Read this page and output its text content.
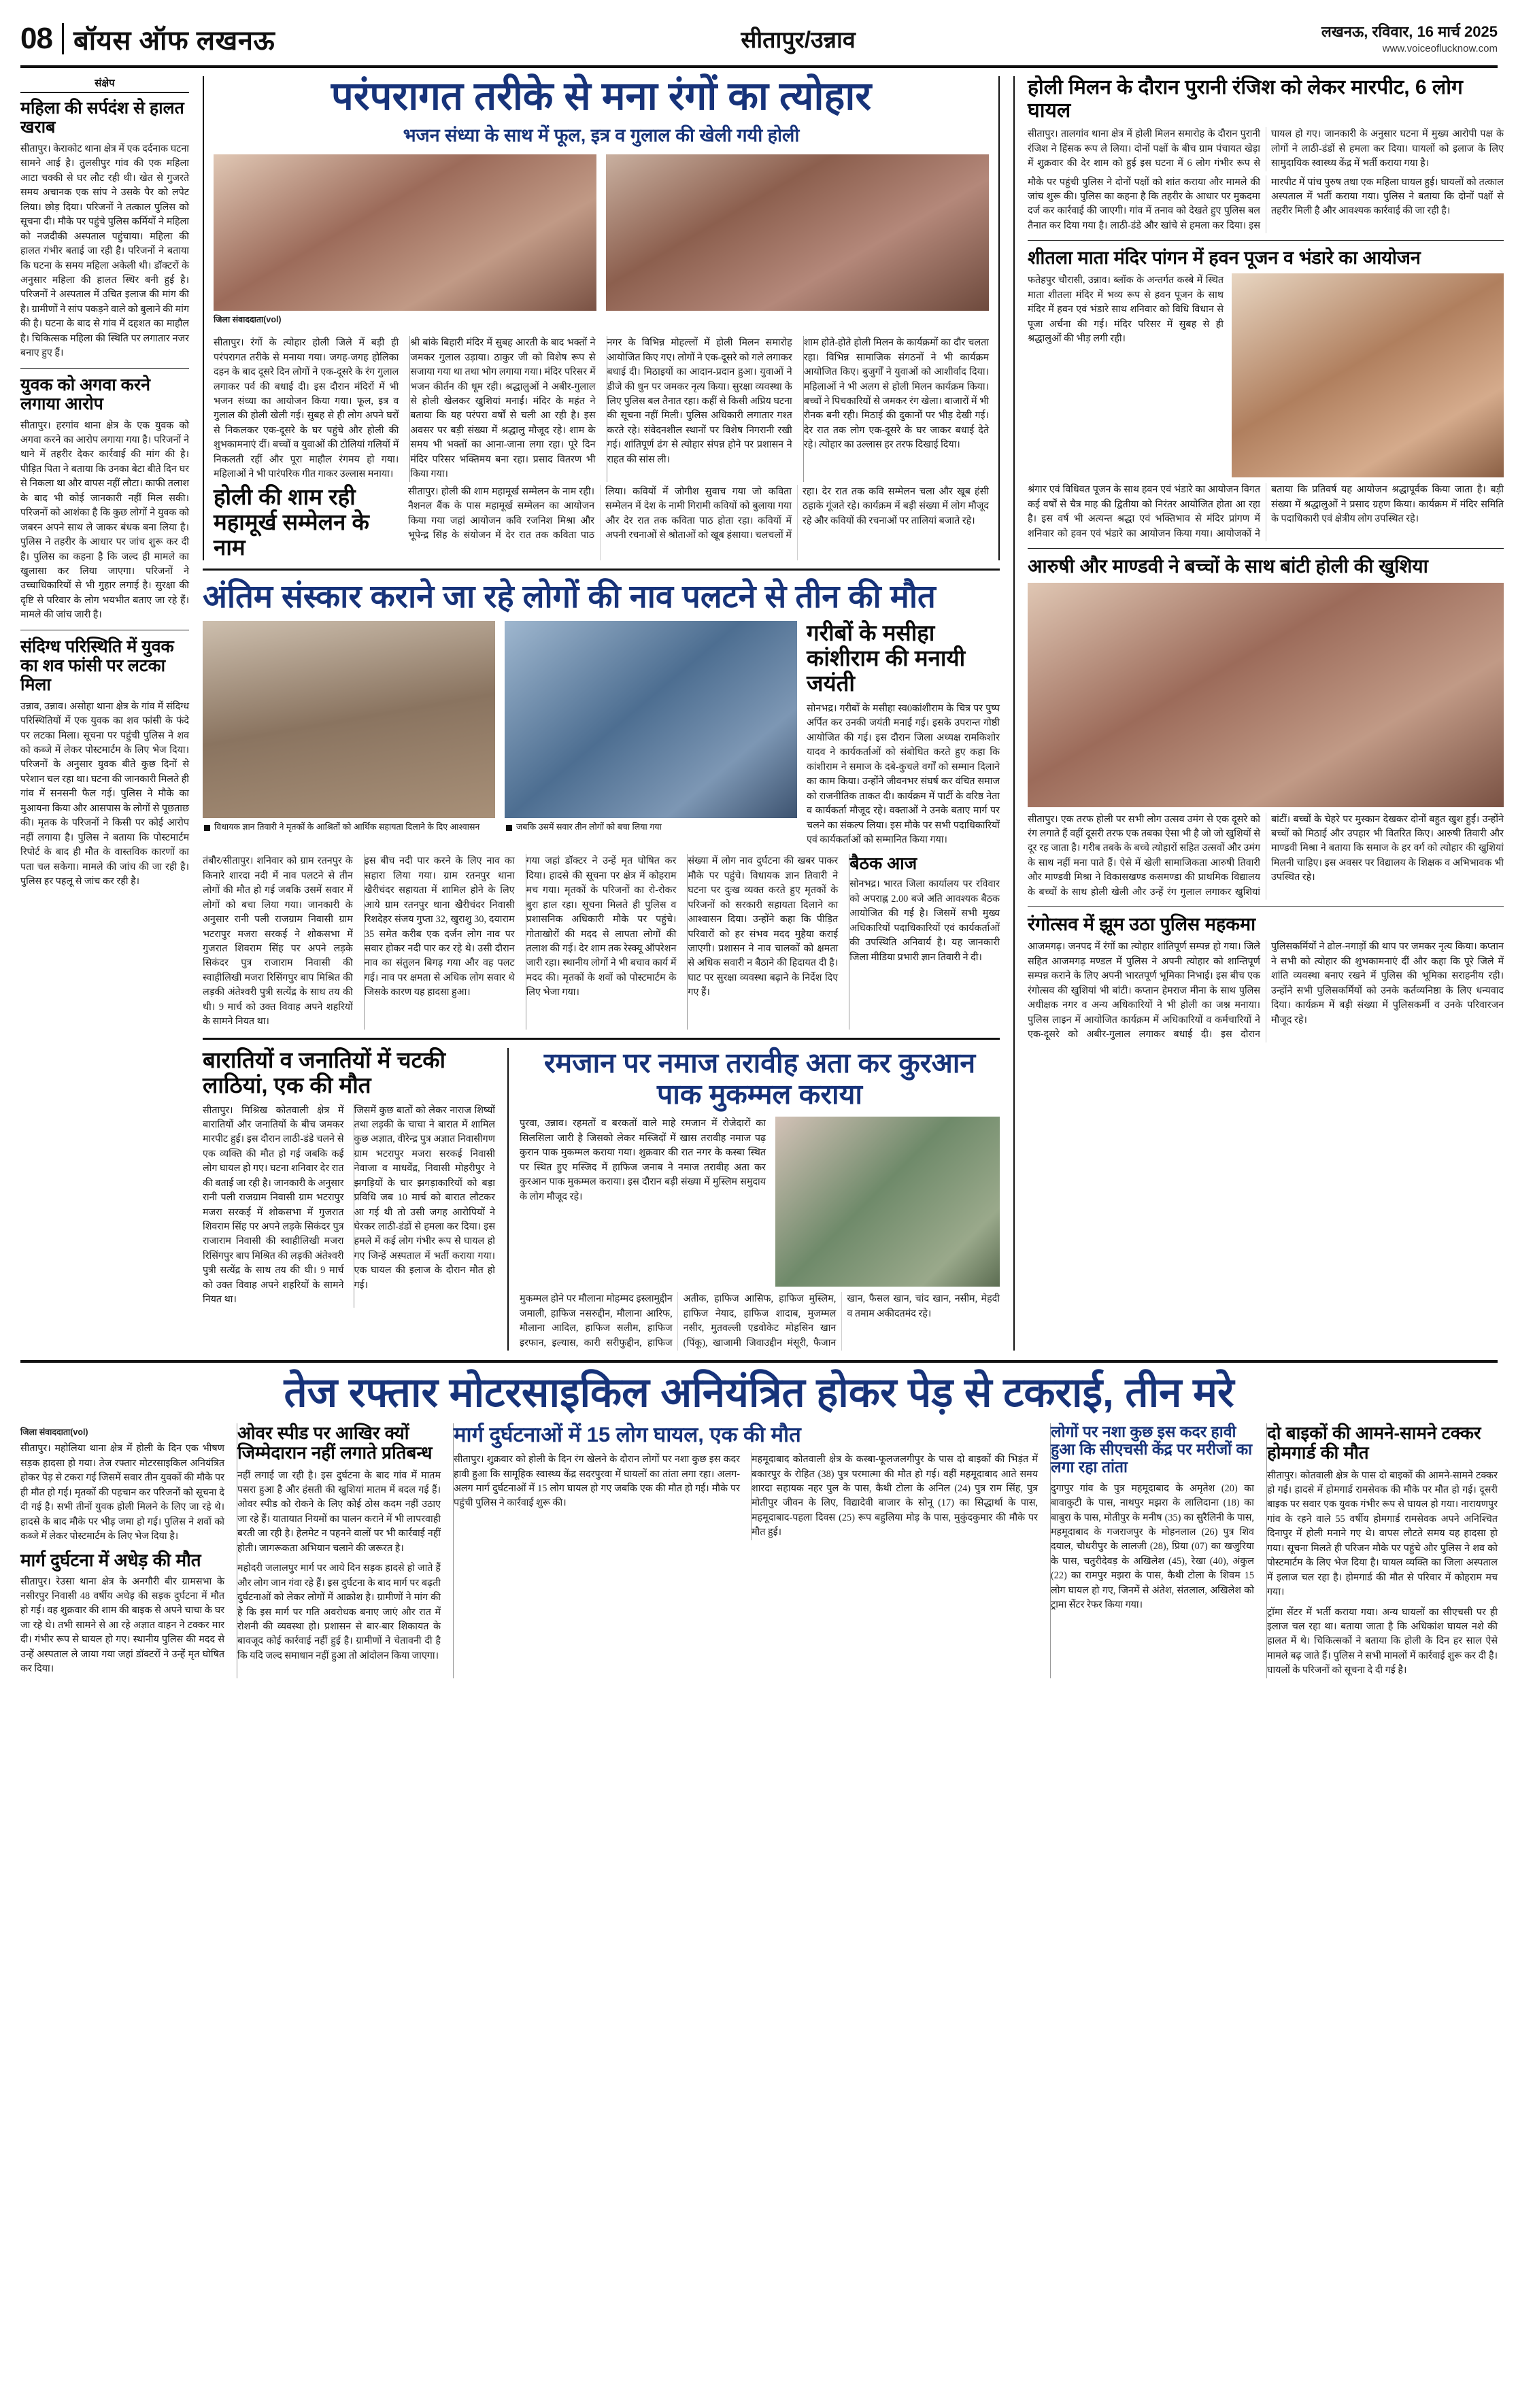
08 बॉयस ऑफ लखनऊ	सीतापुर/उन्नाव	लखनऊ, रविवार, 16 मार्च 2025
www.voiceoflucknow.com
संक्षेप
महिला की सर्पदंश से हालत खराब
सीतापुर। केराकोट थाना क्षेत्र में एक दर्दनाक घटना सामने आई है। तुलसीपुर गांव की एक महिला आटा चक्की से घर लौट रही थी। खेत से गुजरते समय अचानक एक सांप ने उसके पैर को लपेट लिया। छोड़ दिया। परिजनों ने तत्काल पुलिस को सूचना दी। मौके पर पहुंचे पुलिस कर्मियों ने महिला को नजदीकी अस्पताल पहुंचाया। महिला की हालत गंभीर बताई जा रही है। परिजनों ने बताया कि घटना के समय महिला अकेली थी। डॉक्टरों के अनुसार महिला की हालत स्थिर बनी हुई है। परिजनों ने अस्पताल में उचित इलाज की मांग की है। ग्रामीणों ने सांप पकड़ने वाले को बुलाने की मांग की है। घटना के बाद से गांव में दहशत का माहौल है। चिकित्सक महिला की स्थिति पर लगातार नजर बनाए हुए हैं।
युवक को अगवा करने लगाया आरोप
सीतापुर। हरगांव थाना क्षेत्र के एक युवक को अगवा करने का आरोप लगाया गया है। परिजनों ने थाने में तहरीर देकर कार्रवाई की मांग की है। पीड़ित पिता ने बताया कि उनका बेटा बीते दिन घर से निकला था और वापस नहीं लौटा। काफी तलाश के बाद भी कोई जानकारी नहीं मिल सकी। परिजनों को आशंका है कि कुछ लोगों ने युवक को जबरन अपने साथ ले जाकर बंधक बना लिया है। पुलिस ने तहरीर के आधार पर जांच शुरू कर दी है। पुलिस का कहना है कि जल्द ही मामले का खुलासा कर लिया जाएगा। परिजनों ने उच्चाधिकारियों से भी गुहार लगाई है। सुरक्षा की दृष्टि से परिवार के लोग भयभीत बताए जा रहे हैं। मामले की जांच जारी है।
संदिग्ध परिस्थिति में युवक का शव फांसी पर लटका मिला
उन्नाव, उन्नाव। असोहा थाना क्षेत्र के गांव में संदिग्ध परिस्थितियों में एक युवक का शव फांसी के फंदे पर लटका मिला। सूचना पर पहुंची पुलिस ने शव को कब्जे में लेकर पोस्टमार्टम के लिए भेज दिया। परिजनों के अनुसार युवक बीते कुछ दिनों से परेशान चल रहा था। घटना की जानकारी मिलते ही गांव में सनसनी फैल गई। पुलिस ने मौके का मुआयना किया और आसपास के लोगों से पूछताछ की। मृतक के परिजनों ने किसी पर कोई आरोप नहीं लगाया है। पुलिस ने बताया कि पोस्टमार्टम रिपोर्ट के बाद ही मौत के वास्तविक कारणों का पता चल सकेगा। मामले की जांच की जा रही है। पुलिस हर पहलू से जांच कर रही है।
परंपरागत तरीके से मना रंगों का त्योहार
भजन संध्या के साथ में फूल, इत्र व गुलाल की खेली गयी होली
जिला संवाददाता(vol)
सीतापुर। रंगों के त्योहार होली जिले में बड़ी ही परंपरागत तरीके से मनाया गया। जगह-जगह होलिका दहन के बाद दूसरे दिन लोगों ने एक-दूसरे के रंग गुलाल लगाकर पर्व की बधाई दी। इस दौरान मंदिरों में भी भजन संध्या का आयोजन किया गया। फूल, इत्र व गुलाल की होली खेली गई। सुबह से ही लोग अपने घरों से निकलकर एक-दूसरे के घर पहुंचे और होली की शुभकामनाएं दीं। बच्चों व युवाओं की टोलियां गलियों में निकलती रहीं और पूरा माहौल रंगमय हो गया। महिलाओं ने भी पारंपरिक गीत गाकर उल्लास मनाया।
श्री बांके बिहारी मंदिर में सुबह आरती के बाद भक्तों ने जमकर गुलाल उड़ाया। ठाकुर जी को विशेष रूप से सजाया गया था तथा भोग लगाया गया। मंदिर परिसर में भजन कीर्तन की धूम रही। श्रद्धालुओं ने अबीर-गुलाल से होली खेलकर खुशियां मनाईं। मंदिर के महंत ने बताया कि यह परंपरा वर्षों से चली आ रही है। इस अवसर पर बड़ी संख्या में श्रद्धालु मौजूद रहे। शाम के समय भी भक्तों का आना-जाना लगा रहा। पूरे दिन मंदिर परिसर भक्तिमय बना रहा। प्रसाद वितरण भी किया गया।
नगर के विभिन्न मोहल्लों में होली मिलन समारोह आयोजित किए गए। लोगों ने एक-दूसरे को गले लगाकर बधाई दी। मिठाइयों का आदान-प्रदान हुआ। युवाओं ने डीजे की धुन पर जमकर नृत्य किया। सुरक्षा व्यवस्था के लिए पुलिस बल तैनात रहा। कहीं से किसी अप्रिय घटना की सूचना नहीं मिली। पुलिस अधिकारी लगातार गश्त करते रहे। संवेदनशील स्थानों पर विशेष निगरानी रखी गई। शांतिपूर्ण ढंग से त्योहार संपन्न होने पर प्रशासन ने राहत की सांस ली।
शाम होते-होते होली मिलन के कार्यक्रमों का दौर चलता रहा। विभिन्न सामाजिक संगठनों ने भी कार्यक्रम आयोजित किए। बुजुर्गों ने युवाओं को आशीर्वाद दिया। महिलाओं ने भी अलग से होली मिलन कार्यक्रम किया। बच्चों ने पिचकारियों से जमकर रंग खेला। बाजारों में भी रौनक बनी रही। मिठाई की दुकानों पर भीड़ देखी गई। देर रात तक लोग एक-दूसरे के घर जाकर बधाई देते रहे। त्योहार का उल्लास हर तरफ दिखाई दिया।
होली की शाम रही महामूर्ख सम्मेलन के नाम
सीतापुर। होली की शाम महामूर्ख सम्मेलन के नाम रही। नैशनल बैंक के पास महामूर्ख सम्मेलन का आयोजन किया गया जहां आयोजन कवि रजनिश मिश्रा और भूपेन्द्र सिंह के संयोजन में देर रात तक कविता पाठ लिया। कवियों में जोगीश सुवाच गया जो कविता सम्मेलन में देश के नामी गिरामी कवियों को बुलाया गया और देर रात तक कविता पाठ होता रहा। कवियों में अपनी रचनाओं से श्रोताओं को खूब हंसाया। चलचलों में रहा। देर रात तक कवि सम्मेलन चला और खूब हंसी ठहाके गूंजते रहे। कार्यक्रम में बड़ी संख्या में लोग मौजूद रहे और कवियों की रचनाओं पर तालियां बजाते रहे।
अंतिम संस्कार कराने जा रहे लोगों की नाव पलटने से तीन की मौत
विधायक ज्ञान तिवारी ने मृतकों के आश्रितों को आर्थिक सहायता दिलाने के दिए आश्वासन	जबकि उसमें सवार तीन लोगों को बचा लिया गया
गरीबों के मसीहा कांशीराम की मनायी जयंती
सोनभद्र। गरीबों के मसीहा स्व0कांशीराम के चित्र पर पुष्प अर्पित कर उनकी जयंती मनाई गई। इसके उपरान्त गोष्ठी आयोजित की गई। इस दौरान जिला अध्यक्ष रामकिशोर यादव ने कार्यकर्ताओं को संबोधित करते हुए कहा कि कांशीराम ने समाज के दबे-कुचले वर्गों को सम्मान दिलाने का काम किया। उन्होंने जीवनभर संघर्ष कर वंचित समाज को राजनीतिक ताकत दी। कार्यक्रम में पार्टी के वरिष्ठ नेता व कार्यकर्ता मौजूद रहे। वक्ताओं ने उनके बताए मार्ग पर चलने का संकल्प लिया। इस मौके पर सभी पदाधिकारियों एवं कार्यकर्ताओं को सम्मानित किया गया।
तंबौर/सीतापुर। शनिवार को ग्राम रतनपुर के किनारे शारदा नदी में नाव पलटने से तीन लोगों की मौत हो गई जबकि उसमें सवार में लोगों को बचा लिया गया। जानकारी के अनुसार रानी पली राजग्राम निवासी ग्राम भटरापुर मजरा सरकई ने शोकसभा में गुजरात शिवराम सिंह पर अपने लड़के सिकंदर पुत्र राजाराम निवासी की स्वाहीलिखी मजरा रिसिंगपुर बाप मिश्रित की लड़की अंतेश्वरी पुत्री सत्येंद्र के साथ तय की थी। 9 मार्च को उक्त विवाह अपने शहरियों के सामने नियत था।
इस बीच नदी पार करने के लिए नाव का सहारा लिया गया। ग्राम रतनपुर थाना खैरीचंदर सहायता में शामिल होने के लिए आये ग्राम रतनपुर थाना खैरीचंदर निवासी रिशदेहर संजय गुप्ता 32, खुराशु 30, दयाराम 35 समेत करीब एक दर्जन लोग नाव पर सवार होकर नदी पार कर रहे थे। उसी दौरान नाव का संतुलन बिगड़ गया और वह पलट गई। नाव पर क्षमता से अधिक लोग सवार थे जिसके कारण यह हादसा हुआ।
गया जहां डॉक्टर ने उन्हें मृत घोषित कर दिया। हादसे की सूचना पर क्षेत्र में कोहराम मच गया। मृतकों के परिजनों का रो-रोकर बुरा हाल रहा। सूचना मिलते ही पुलिस व प्रशासनिक अधिकारी मौके पर पहुंचे। गोताखोरों की मदद से लापता लोगों की तलाश की गई। देर शाम तक रेस्क्यू ऑपरेशन जारी रहा। स्थानीय लोगों ने भी बचाव कार्य में मदद की। मृतकों के शवों को पोस्टमार्टम के लिए भेजा गया।
संख्या में लोग नाव दुर्घटना की खबर पाकर मौके पर पहुंचे। विधायक ज्ञान तिवारी ने घटना पर दुःख व्यक्त करते हुए मृतकों के परिजनों को सरकारी सहायता दिलाने का आश्वासन दिया। उन्होंने कहा कि पीड़ित परिवारों को हर संभव मदद मुहैया कराई जाएगी। प्रशासन ने नाव चालकों को क्षमता से अधिक सवारी न बैठाने की हिदायत दी है। घाट पर सुरक्षा व्यवस्था बढ़ाने के निर्देश दिए गए हैं।
बैठक आज
सोनभद्र। भारत जिला कार्यालय पर रविवार को अपराह्न 2.00 बजे अति आवश्यक बैठक आयोजित की गई है। जिसमें सभी मुख्य अधिकारियों पदाधिकारियों एवं कार्यकर्ताओं की उपस्थिति अनिवार्य है। यह जानकारी जिला मीडिया प्रभारी ज्ञान तिवारी ने दी।
बारातियों व जनातियों में चटकी लाठियां, एक की मौत
सीतापुर। मिश्रिख कोतवाली क्षेत्र में बारातियों और जनातियों के बीच जमकर मारपीट हुई। इस दौरान लाठी-डंडे चलने से एक व्यक्ति की मौत हो गई जबकि कई लोग घायल हो गए। घटना शनिवार देर रात की बताई जा रही है। जानकारी के अनुसार रानी पली राजग्राम निवासी ग्राम भटरापुर मजरा सरकई में शोकसभा में गुजरात शिवराम सिंह पर अपने लड़के सिकंदर पुत्र राजाराम निवासी की स्वाहीलिखी मजरा रिसिंगपुर बाप मिश्रित की लड़की अंतेश्वरी पुत्री सत्येंद्र के साथ तय की थी। 9 मार्च को उक्त विवाह अपने शहरियों के सामने नियत था।
जिसमें कुछ बातों को लेकर नाराज शिष्यों तथा लड़की के चाचा ने बारात में शामिल कुछ अज्ञात, वीरेन्द्र पुत्र अज्ञात निवासीगण ग्राम भटरापुर मजरा सरकई निवासी नेवाजा व माधवेंद्र, निवासी मोहरीपुर ने झगड़ियों के चार झगड़ाकारियों को बड़ा प्रविधि जब 10 मार्च को बारात लौटकर आ गई थी तो उसी जगह आरोपियों ने घेरकर लाठी-डंडों से हमला कर दिया। इस हमले में कई लोग गंभीर रूप से घायल हो गए जिन्हें अस्पताल में भर्ती कराया गया। एक घायल की इलाज के दौरान मौत हो गई।
रमजान पर नमाज तरावीह अता कर कुरआन पाक मुकम्मल कराया
पुरवा, उन्नाव। रहमतों व बरकतों वाले माहे रमजान में रोजेदारों का सिलसिला जारी है जिसको लेकर मस्जिदों में खास तरावीह नमाज पढ़ कुरान पाक मुकम्मल कराया गया। शुक्रवार की रात नगर के कस्बा स्थित पर स्थित हुए मस्जिद में हाफिज जनाब ने नमाज तरावीह अता कर कुरआन पाक मुकम्मल कराया। इस दौरान बड़ी संख्या में मुस्लिम समुदाय के लोग मौजूद रहे।
मुकम्मल होने पर मौलाना मोहम्मद इस्लामुद्दीन जमाली, हाफिज नसरुद्दीन, मौलाना आरिफ, मौलाना आदिल, हाफिज सलीम, हाफिज इरफान, इल्यास, कारी सरीफुद्दीन, हाफिज अतीक, हाफिज आसिफ, हाफिज मुस्लिम, हाफिज नेयाद, हाफिज शादाब, मुजम्मल नसीर, मुतवल्ली एडवोकेट मोहसिन खान (पिंकू), खाजामी जिवाउद्दीन मंसूरी, फैजान खान, फैसल खान, चांद खान, नसीम, मेहदी व तमाम अकीदतमंद रहे।
होली मिलन के दौरान पुरानी रंजिश को लेकर मारपीट, 6 लोग घायल
सीतापुर। तालगांव थाना क्षेत्र में होली मिलन समारोह के दौरान पुरानी रंजिश ने हिंसक रूप ले लिया। दोनों पक्षों के बीच ग्राम पंचायत खेड़ा में शुक्रवार की देर शाम को हुई इस घटना में 6 लोग गंभीर रूप से घायल हो गए। जानकारी के अनुसार घटना में मुख्य आरोपी पक्ष के लोगों ने लाठी-डंडों से हमला कर दिया। घायलों को इलाज के लिए सामुदायिक स्वास्थ्य केंद्र में भर्ती कराया गया है।
मौके पर पहुंची पुलिस ने दोनों पक्षों को शांत कराया और मामले की जांच शुरू की। पुलिस का कहना है कि तहरीर के आधार पर मुकदमा दर्ज कर कार्रवाई की जाएगी। गांव में तनाव को देखते हुए पुलिस बल तैनात कर दिया गया है। लाठी-डंडे और खांचे से हमला कर दिया। इस मारपीट में पांच पुरुष तथा एक महिला घायल हुई। घायलों को तत्काल अस्पताल में भर्ती कराया गया। पुलिस ने बताया कि दोनों पक्षों से तहरीर मिली है और आवश्यक कार्रवाई की जा रही है।
शीतला माता मंदिर पांगन में हवन पूजन व भंडारे का आयोजन
फतेहपुर चौरासी, उन्नाव। ब्लॉक के अन्तर्गत कस्बे में स्थित माता शीतला मंदिर में भव्य रूप से हवन पूजन के साथ मंदिर में हवन एवं भंडारे साथ शनिवार को विधि विधान से पूजा अर्चना की गई। मंदिर परिसर में सुबह से ही श्रद्धालुओं की भीड़ लगी रही।
श्रंगार एवं विधिवत पूजन के साथ हवन एवं भंडारे का आयोजन विगत कई वर्षों से चैत्र माह की द्वितीया को निरंतर आयोजित होता आ रहा है। इस वर्ष भी अत्यन्त श्रद्धा एवं भक्तिभाव से मंदिर प्रांगण में शनिवार को हवन एवं भंडारे का आयोजन किया गया। आयोजकों ने बताया कि प्रतिवर्ष यह आयोजन श्रद्धापूर्वक किया जाता है। बड़ी संख्या में श्रद्धालुओं ने प्रसाद ग्रहण किया। कार्यक्रम में मंदिर समिति के पदाधिकारी एवं क्षेत्रीय लोग उपस्थित रहे।
आरुषी और माण्डवी ने बच्चों के साथ बांटी होली की खुशिया
सीतापुर। एक तरफ होली पर सभी लोग उत्सव उमंग से एक दूसरे को रंग लगाते हैं वहीं दूसरी तरफ एक तबका ऐसा भी है जो जो खुशियों से दूर रह जाता है। गरीब तबके के बच्चे त्योहारों सहित उत्सवों और उमंग के साथ नहीं मना पाते हैं। ऐसे में खेली सामाजिकता आरुषी तिवारी और माण्डवी मिश्रा ने विकासखण्ड कसमण्डा की प्राथमिक विद्यालय के बच्चों के साथ होली खेली और उन्हें रंग गुलाल लगाकर खुशियां बांटीं। बच्चों के चेहरे पर मुस्कान देखकर दोनों बहुत खुश हुईं। उन्होंने बच्चों को मिठाई और उपहार भी वितरित किए। आरुषी तिवारी और माण्डवी मिश्रा ने बताया कि समाज के हर वर्ग को त्योहार की खुशियां मिलनी चाहिए। इस अवसर पर विद्यालय के शिक्षक व अभिभावक भी उपस्थित रहे।
रंगोत्सव में झूम उठा पुलिस महकमा
आजमगढ़। जनपद में रंगों का त्योहार शांतिपूर्ण सम्पन्न हो गया। जिले सहित आजमगढ़ मण्डल में पुलिस ने अपनी त्योहार को शान्तिपूर्ण सम्पन्न कराने के लिए अपनी भारतपूर्ण भूमिका निभाई। इस बीच एक रंगोत्सव की खुशियां भी बांटी। कप्तान हेमराज मीना के साथ पुलिस अधीक्षक नगर व अन्य अधिकारियों ने भी होली का जश्न मनाया। पुलिस लाइन में आयोजित कार्यक्रम में अधिकारियों व कर्मचारियों ने एक-दूसरे को अबीर-गुलाल लगाकर बधाई दी। इस दौरान पुलिसकर्मियों ने ढोल-नगाड़ों की थाप पर जमकर नृत्य किया। कप्तान ने सभी को त्योहार की शुभकामनाएं दीं और कहा कि पूरे जिले में शांति व्यवस्था बनाए रखने में पुलिस की भूमिका सराहनीय रही। उन्होंने सभी पुलिसकर्मियों को उनके कर्तव्यनिष्ठा के लिए धन्यवाद दिया। कार्यक्रम में बड़ी संख्या में पुलिसकर्मी व उनके परिवारजन मौजूद रहे।
तेज रफ्तार मोटरसाइकिल अनियंत्रित होकर पेड़ से टकराई, तीन मरे
जिला संवाददाता(vol)
सीतापुर। महोलिया थाना क्षेत्र में होली के दिन एक भीषण सड़क हादसा हो गया। तेज रफ्तार मोटरसाइकिल अनियंत्रित होकर पेड़ से टकरा गई जिसमें सवार तीन युवकों की मौके पर ही मौत हो गई। मृतकों की पहचान कर परिजनों को सूचना दे दी गई है। सभी तीनों युवक होली मिलने के लिए जा रहे थे। हादसे के बाद मौके पर भीड़ जमा हो गई। पुलिस ने शवों को कब्जे में लेकर पोस्टमार्टम के लिए भेज दिया है।
मार्ग दुर्घटना में अधेड़ की मौत
सीतापुर। रेउसा थाना क्षेत्र के अनगौरी बीर ग्रामसभा के नसीरपुर निवासी 48 वर्षीय अधेड़ की सड़क दुर्घटना में मौत हो गई। वह शुक्रवार की शाम की बाइक से अपने चाचा के घर जा रहे थे। तभी सामने से आ रहे अज्ञात वाहन ने टक्कर मार दी। गंभीर रूप से घायल हो गए। स्थानीय पुलिस की मदद से उन्हें अस्पताल ले जाया गया जहां डॉक्टरों ने उन्हें मृत घोषित कर दिया।
ओवर स्पीड पर आखिर क्यों जिम्मेदारान नहीं लगाते प्रतिबन्ध
नहीं लगाई जा रही है। इस दुर्घटना के बाद गांव में मातम पसरा हुआ है और हंसती की खुशियां मातम में बदल गई हैं। ओवर स्पीड को रोकने के लिए कोई ठोस कदम नहीं उठाए जा रहे हैं। यातायात नियमों का पालन कराने में भी लापरवाही बरती जा रही है। हेलमेट न पहनने वालों पर भी कार्रवाई नहीं होती। जागरूकता अभियान चलाने की जरूरत है।
महोदरी जलालपुर मार्ग पर आये दिन सड़क हादसे हो जाते हैं और लोग जान गंवा रहे हैं। इस दुर्घटना के बाद मार्ग पर बढ़ती दुर्घटनाओं को लेकर लोगों में आक्रोश है। ग्रामीणों ने मांग की है कि इस मार्ग पर गति अवरोधक बनाए जाएं और रात में रोशनी की व्यवस्था हो। प्रशासन से बार-बार शिकायत के बावजूद कोई कार्रवाई नहीं हुई है। ग्रामीणों ने चेतावनी दी है कि यदि जल्द समाधान नहीं हुआ तो आंदोलन किया जाएगा।
मार्ग दुर्घटनाओं में 15 लोग घायल, एक की मौत
सीतापुर। शुक्रवार को होली के दिन रंग खेलने के दौरान लोगों पर नशा कुछ इस कदर हावी हुआ कि सामूहिक स्वास्थ्य केंद्र सदरपुरवा में घायलों का तांता लगा रहा। अलग-अलग मार्ग दुर्घटनाओं में 15 लोग घायल हो गए जबकि एक की मौत हो गई। मौके पर पहुंची पुलिस ने कार्रवाई शुरू की।
महमूदाबाद कोतवाली क्षेत्र के कस्बा-फूलजलगीपुर के पास दो बाइकों की भिड़ंत में बकारपुर के रोहित (38) पुत्र परमात्मा की मौत हो गई। वहीं महमूदाबाद आते समय शारदा सहायक नहर पुल के पास, कैथी टोला के अनिल (24) पुत्र राम सिंह, पुत्र मोतीपुर जीवन के लिए, विद्यादेवी बाजार के सोनू (17) का सिद्धार्था के पास, महमूदाबाद-पहला दिवस (25) रूप बहुलिया मोड़ के पास, मुकुंदकुमार की मौके पर मौत हुई।
लोगों पर नशा कुछ इस कदर हावी हुआ कि सीएचसी केंद्र पर मरीजों का लगा रहा तांता
दुगापुर गांव के पुत्र महमूदाबाद के अमृतेश (20) का बावाकुटी के पास, नाथपुर मझरा के लालिदाना (18) का बाबुरा के पास, मोतीपुर के मनीष (35) का सुरैलिनी के पास, महमूदाबाद के गजराजपुर के मोहनलाल (26) पुत्र शिव दयाल, चौधरीपुर के लालजी (28), प्रिया (07) का खजुरिया के पास, चतुरीदेवड़ के अखिलेश (45), रेखा (40), अंकुल (22) का रामपुर मझरा के पास, कैथी टोला के शिवम 15 लोग घायल हो गए, जिनमें से अंतेश, संतलाल, अखिलेश को ट्रामा सेंटर रेफर किया गया।
दो बाइकों की आमने-सामने टक्कर होमगार्ड की मौत
सीतापुर। कोतवाली क्षेत्र के पास दो बाइकों की आमने-सामने टक्कर हो गई। हादसे में होमगार्ड रामसेवक की मौके पर मौत हो गई। दूसरी बाइक पर सवार एक युवक गंभीर रूप से घायल हो गया। नारायणपुर गांव के रहने वाले 55 वर्षीय होमगार्ड रामसेवक अपने अनिश्चित दिनापुर में होली मनाने गए थे। वापस लौटते समय यह हादसा हो गया। सूचना मिलते ही परिजन मौके पर पहुंचे और पुलिस ने शव को पोस्टमार्टम के लिए भेज दिया है। घायल व्यक्ति का जिला अस्पताल में इलाज चल रहा है। होमगार्ड की मौत से परिवार में कोहराम मच गया।
ट्रॉमा सेंटर में भर्ती कराया गया। अन्य घायलों का सीएचसी पर ही इलाज चल रहा था। बताया जाता है कि अधिकांश घायल नशे की हालत में थे। चिकित्सकों ने बताया कि होली के दिन हर साल ऐसे मामले बढ़ जाते हैं। पुलिस ने सभी मामलों में कार्रवाई शुरू कर दी है। घायलों के परिजनों को सूचना दे दी गई है।
